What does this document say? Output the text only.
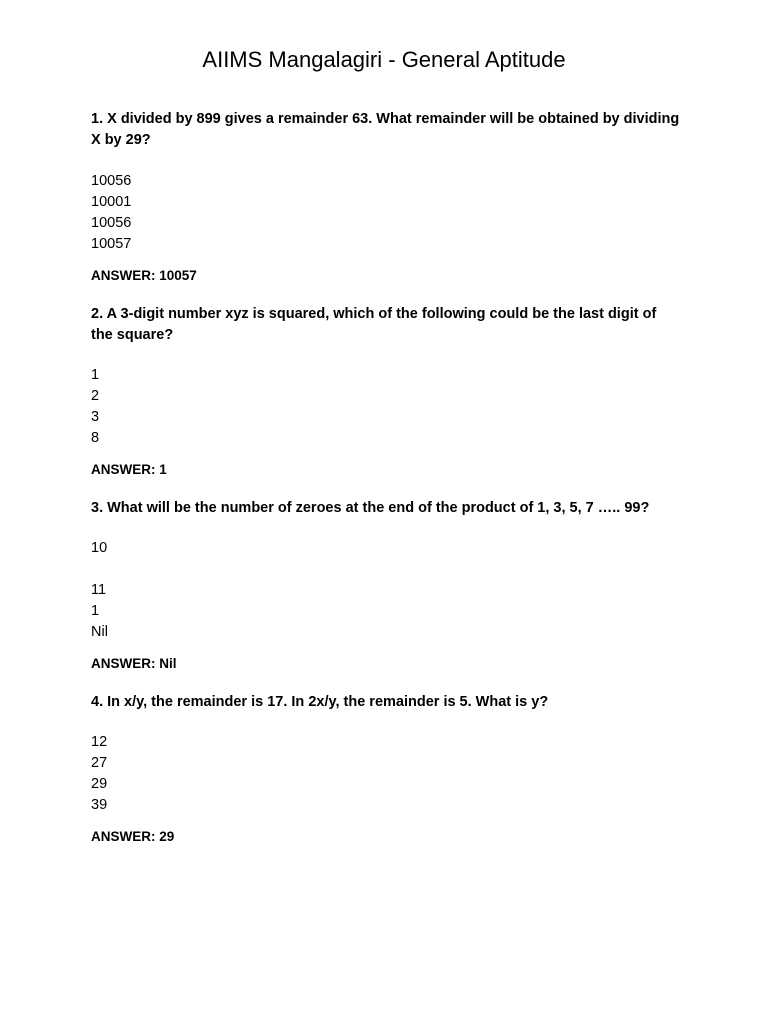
AIIMS Mangalagiri - General Aptitude

1. X divided by 899 gives a remainder 63. What remainder will be obtained by dividing X by 29?

10056
10001
10056
10057

ANSWER: 10057

2. A 3-digit number xyz is squared, which of the following could be the last digit of the square?

1
2
3
8

ANSWER: 1

3. What will be the number of zeroes at the end of the product of 1, 3, 5, 7 ….. 99?

10
11
1
Nil

ANSWER: Nil

4. In x/y, the remainder is 17. In 2x/y, the remainder is 5. What is y?

12
27
29
39

ANSWER: 29
